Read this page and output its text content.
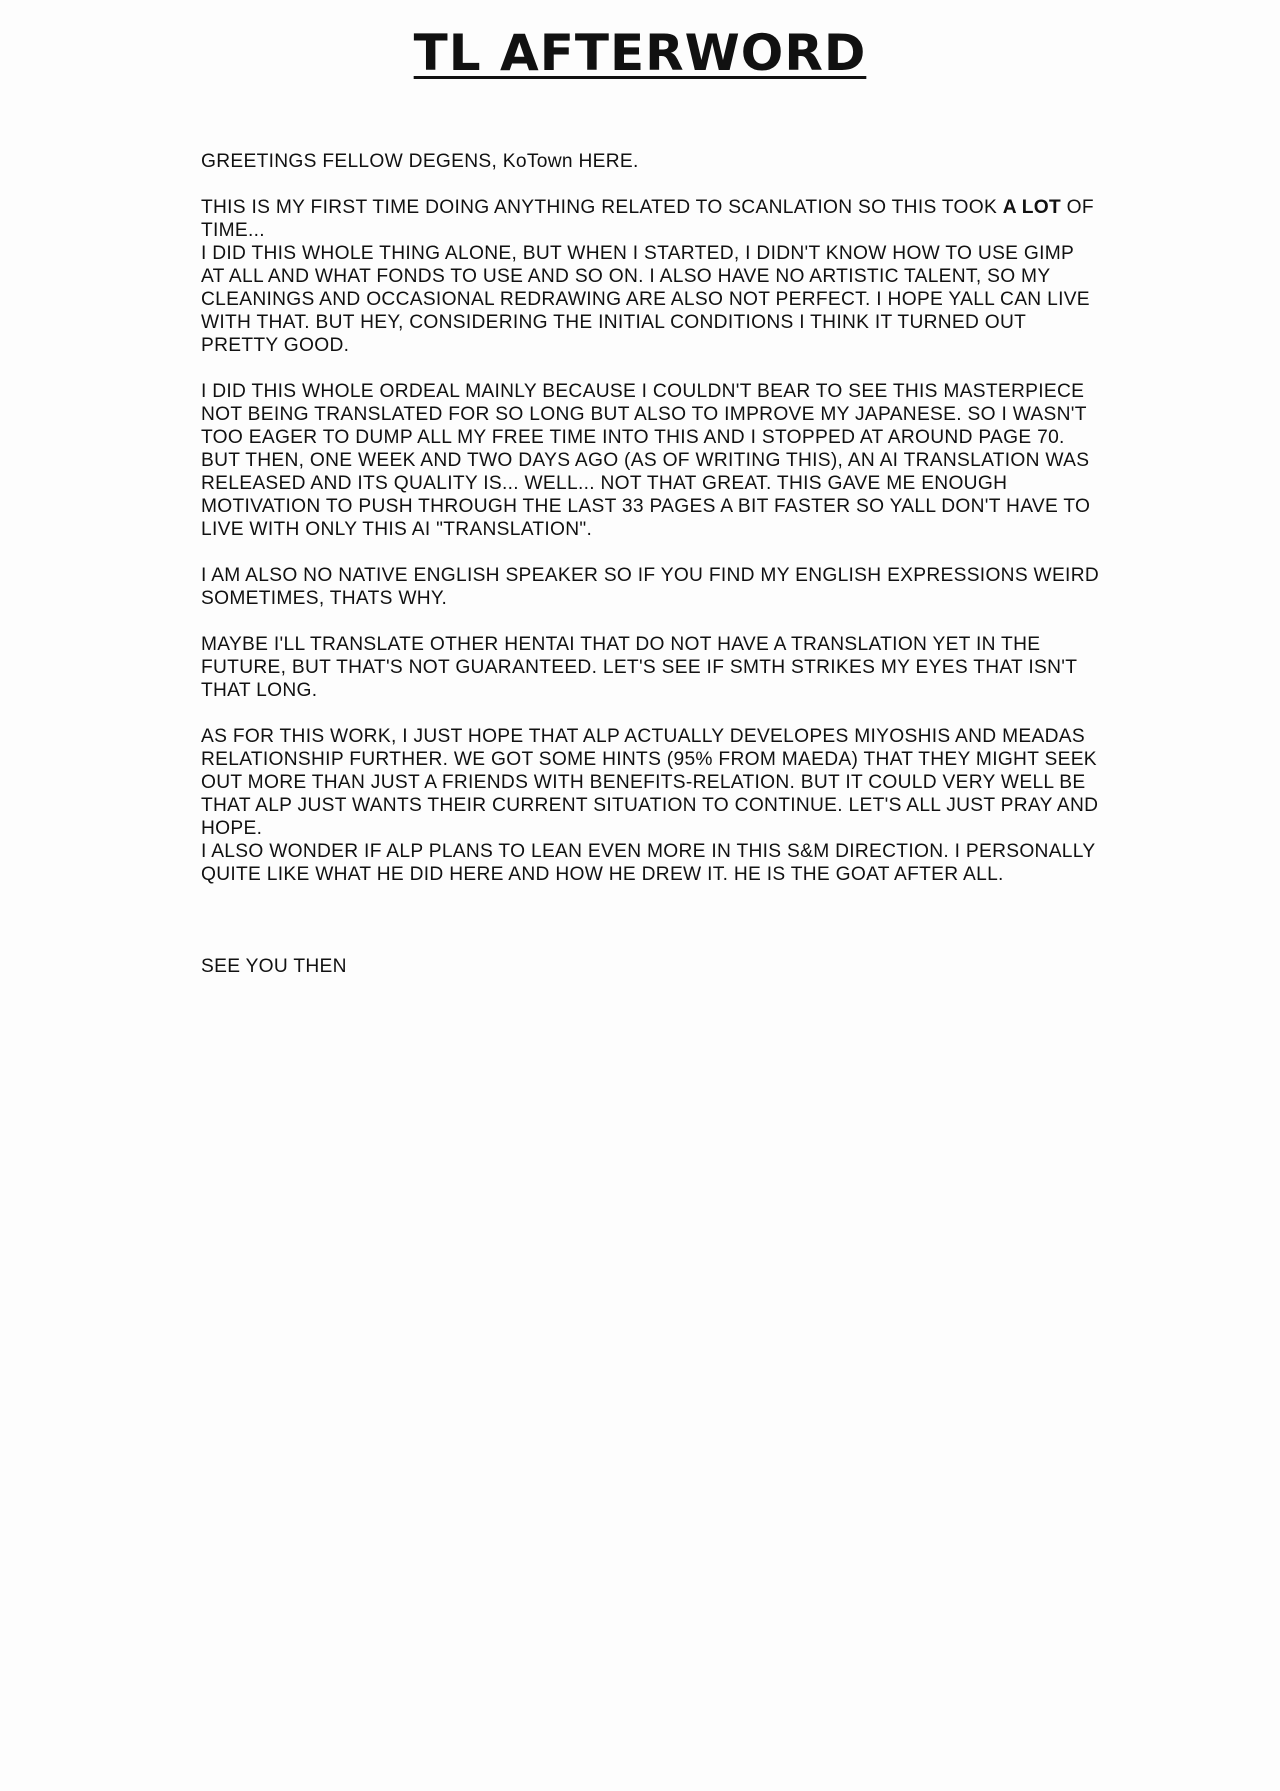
TL AFTERWORD

GREETINGS FELLOW DEGENS, KoTown HERE.

THIS IS MY FIRST TIME DOING ANYTHING RELATED TO SCANLATION SO THIS TOOK A LOT OF TIME...

I DID THIS WHOLE THING ALONE, BUT WHEN I STARTED, I DIDN'T KNOW HOW TO USE GIMP AT ALL AND WHAT FONDS TO USE AND SO ON. I ALSO HAVE NO ARTISTIC TALENT, SO MY CLEANINGS AND OCCASIONAL REDRAWING ARE ALSO NOT PERFECT. I HOPE YALL CAN LIVE WITH THAT. BUT HEY, CONSIDERING THE INITIAL CONDITIONS I THINK IT TURNED OUT PRETTY GOOD.

I DID THIS WHOLE ORDEAL MAINLY BECAUSE I COULDN'T BEAR TO SEE THIS MASTERPIECE NOT BEING TRANSLATED FOR SO LONG BUT ALSO TO IMPROVE MY JAPANESE. SO I WASN'T TOO EAGER TO DUMP ALL MY FREE TIME INTO THIS AND I STOPPED AT AROUND PAGE 70. BUT THEN, ONE WEEK AND TWO DAYS AGO (AS OF WRITING THIS), AN AI TRANSLATION WAS RELEASED AND ITS QUALITY IS... WELL... NOT THAT GREAT. THIS GAVE ME ENOUGH MOTIVATION TO PUSH THROUGH THE LAST 33 PAGES A BIT FASTER SO YALL DON'T HAVE TO LIVE WITH ONLY THIS AI "TRANSLATION".

I AM ALSO NO NATIVE ENGLISH SPEAKER SO IF YOU FIND MY ENGLISH EXPRESSIONS WEIRD SOMETIMES, THATS WHY.

MAYBE I'LL TRANSLATE OTHER HENTAI THAT DO NOT HAVE A TRANSLATION YET IN THE FUTURE, BUT THAT'S NOT GUARANTEED. LET'S SEE IF SMTH STRIKES MY EYES THAT ISN'T THAT LONG.

AS FOR THIS WORK, I JUST HOPE THAT ALP ACTUALLY DEVELOPES MIYOSHIS AND MEADAS RELATIONSHIP FURTHER. WE GOT SOME HINTS (95% FROM MAEDA) THAT THEY MIGHT SEEK OUT MORE THAN JUST A FRIENDS WITH BENEFITS-RELATION. BUT IT COULD VERY WELL BE THAT ALP JUST WANTS THEIR CURRENT SITUATION TO CONTINUE. LET'S ALL JUST PRAY AND HOPE.

I ALSO WONDER IF ALP PLANS TO LEAN EVEN MORE IN THIS S&M DIRECTION. I PERSONALLY QUITE LIKE WHAT HE DID HERE AND HOW HE DREW IT. HE IS THE GOAT AFTER ALL.

SEE YOU THEN
